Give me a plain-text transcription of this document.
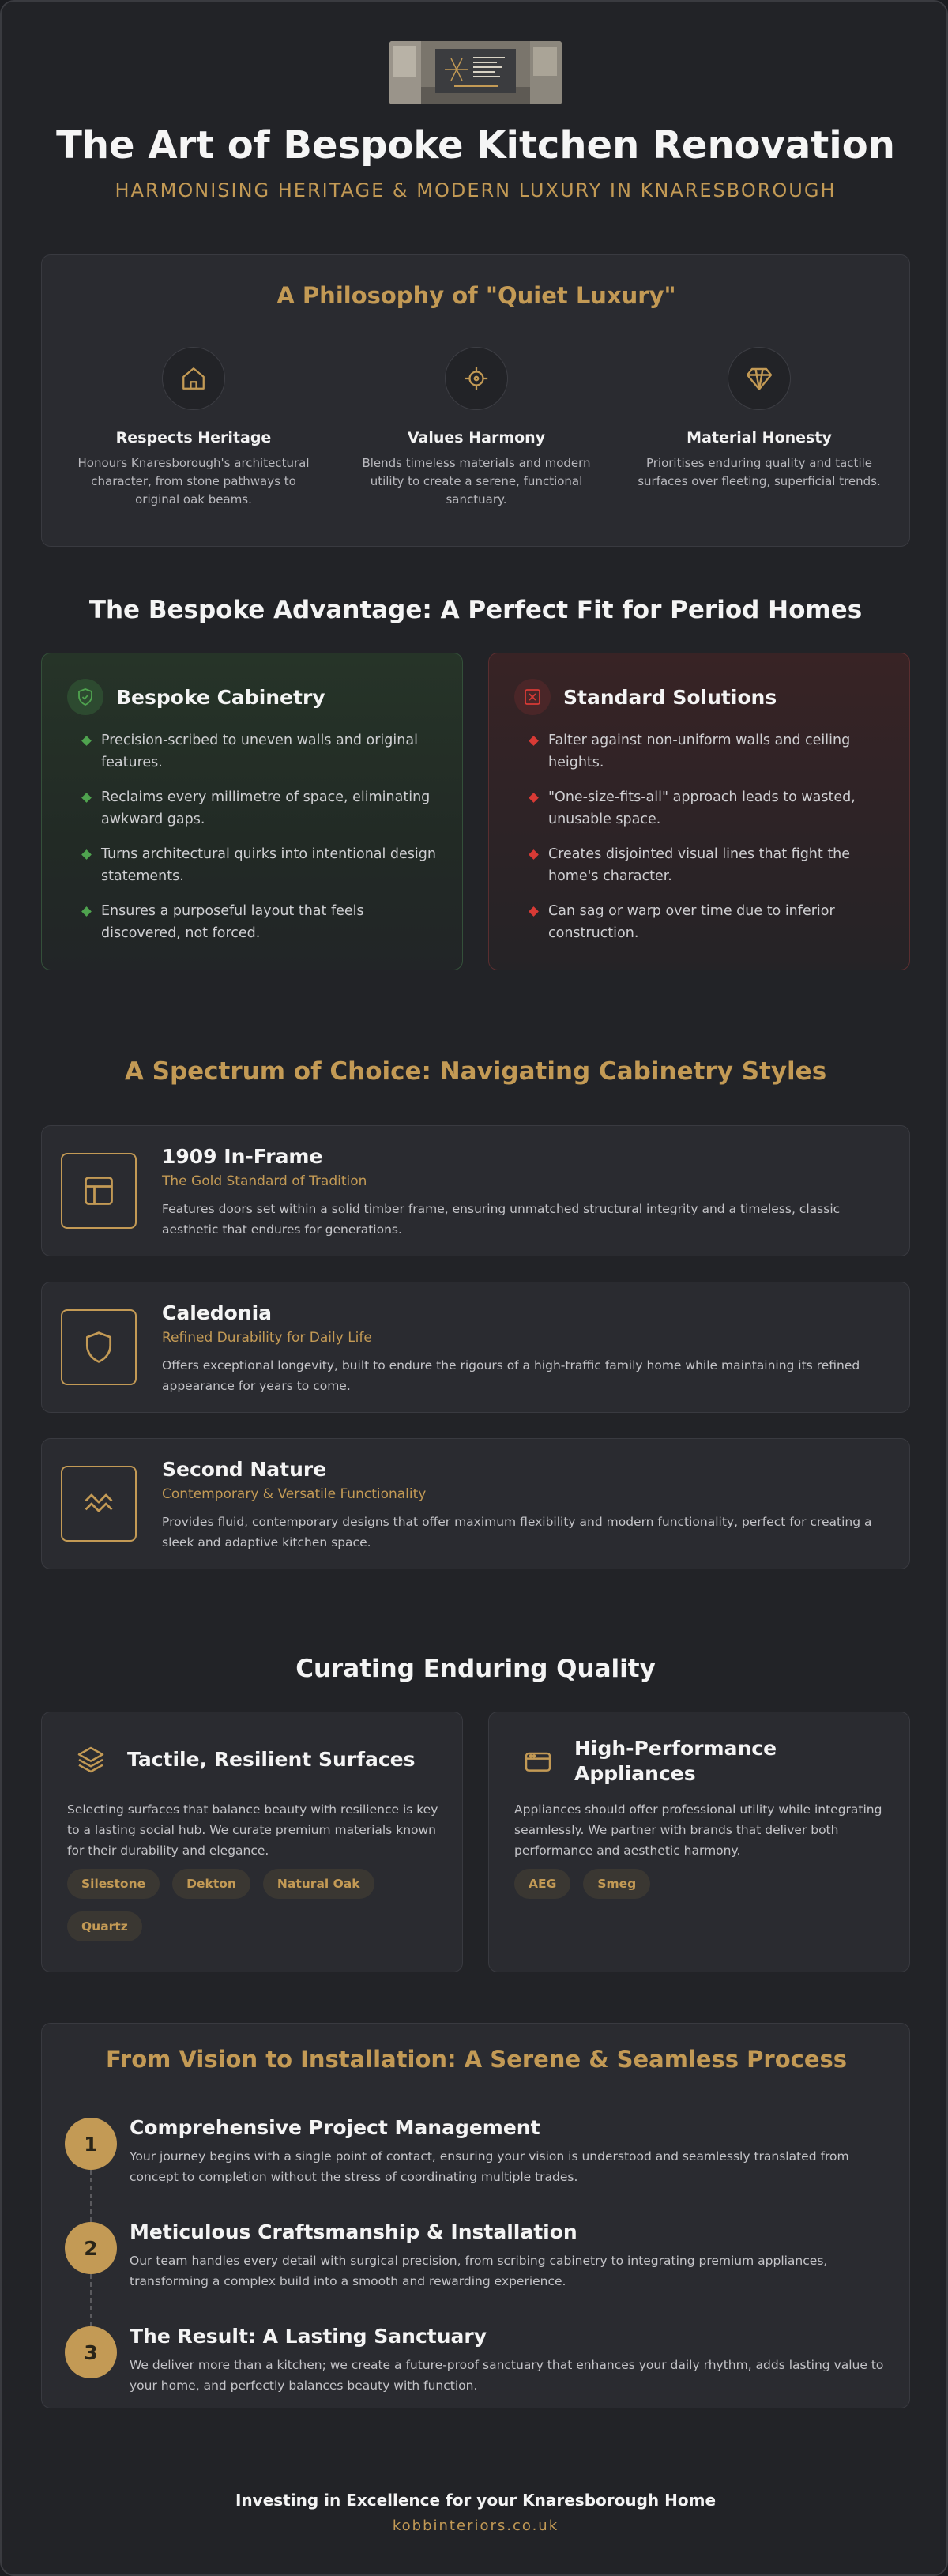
The Art of Bespoke Kitchen Renovation
HARMONISING HERITAGE & MODERN LUXURY IN KNARESBOROUGH
A Philosophy of "Quiet Luxury"
Respects Heritage
Honours Knaresborough's architectural character, from stone pathways to original oak beams.
Values Harmony
Blends timeless materials and modern utility to create a serene, functional sanctuary.
Material Honesty
Prioritises enduring quality and tactile surfaces over fleeting, superficial trends.
The Bespoke Advantage: A Perfect Fit for Period Homes
Bespoke Cabinetry
Precision-scribed to uneven walls and original features.
Reclaims every millimetre of space, eliminating awkward gaps.
Turns architectural quirks into intentional design statements.
Ensures a purposeful layout that feels discovered, not forced.
Standard Solutions
Falter against non-uniform walls and ceiling heights.
"One-size-fits-all" approach leads to wasted, unusable space.
Creates disjointed visual lines that fight the home's character.
Can sag or warp over time due to inferior construction.
A Spectrum of Choice: Navigating Cabinetry Styles
1909 In-Frame
The Gold Standard of Tradition
Features doors set within a solid timber frame, ensuring unmatched structural integrity and a timeless, classic aesthetic that endures for generations.
Caledonia
Refined Durability for Daily Life
Offers exceptional longevity, built to endure the rigours of a high-traffic family home while maintaining its refined appearance for years to come.
Second Nature
Contemporary & Versatile Functionality
Provides fluid, contemporary designs that offer maximum flexibility and modern functionality, perfect for creating a sleek and adaptive kitchen space.
Curating Enduring Quality
Tactile, Resilient Surfaces
Selecting surfaces that balance beauty with resilience is key to a lasting social hub. We curate premium materials known for their durability and elegance.
Silestone	Dekton	Natural Oak
Quartz
High-Performance Appliances
Appliances should offer professional utility while integrating seamlessly. We partner with brands that deliver both performance and aesthetic harmony.
AEG	Smeg
From Vision to Installation: A Serene & Seamless Process
1
Comprehensive Project Management
Your journey begins with a single point of contact, ensuring your vision is understood and seamlessly translated from concept to completion without the stress of coordinating multiple trades.
2
Meticulous Craftsmanship & Installation
Our team handles every detail with surgical precision, from scribing cabinetry to integrating premium appliances, transforming a complex build into a smooth and rewarding experience.
3
The Result: A Lasting Sanctuary
We deliver more than a kitchen; we create a future-proof sanctuary that enhances your daily rhythm, adds lasting value to your home, and perfectly balances beauty with function.
Investing in Excellence for your Knaresborough Home
kobbinteriors.co.uk
